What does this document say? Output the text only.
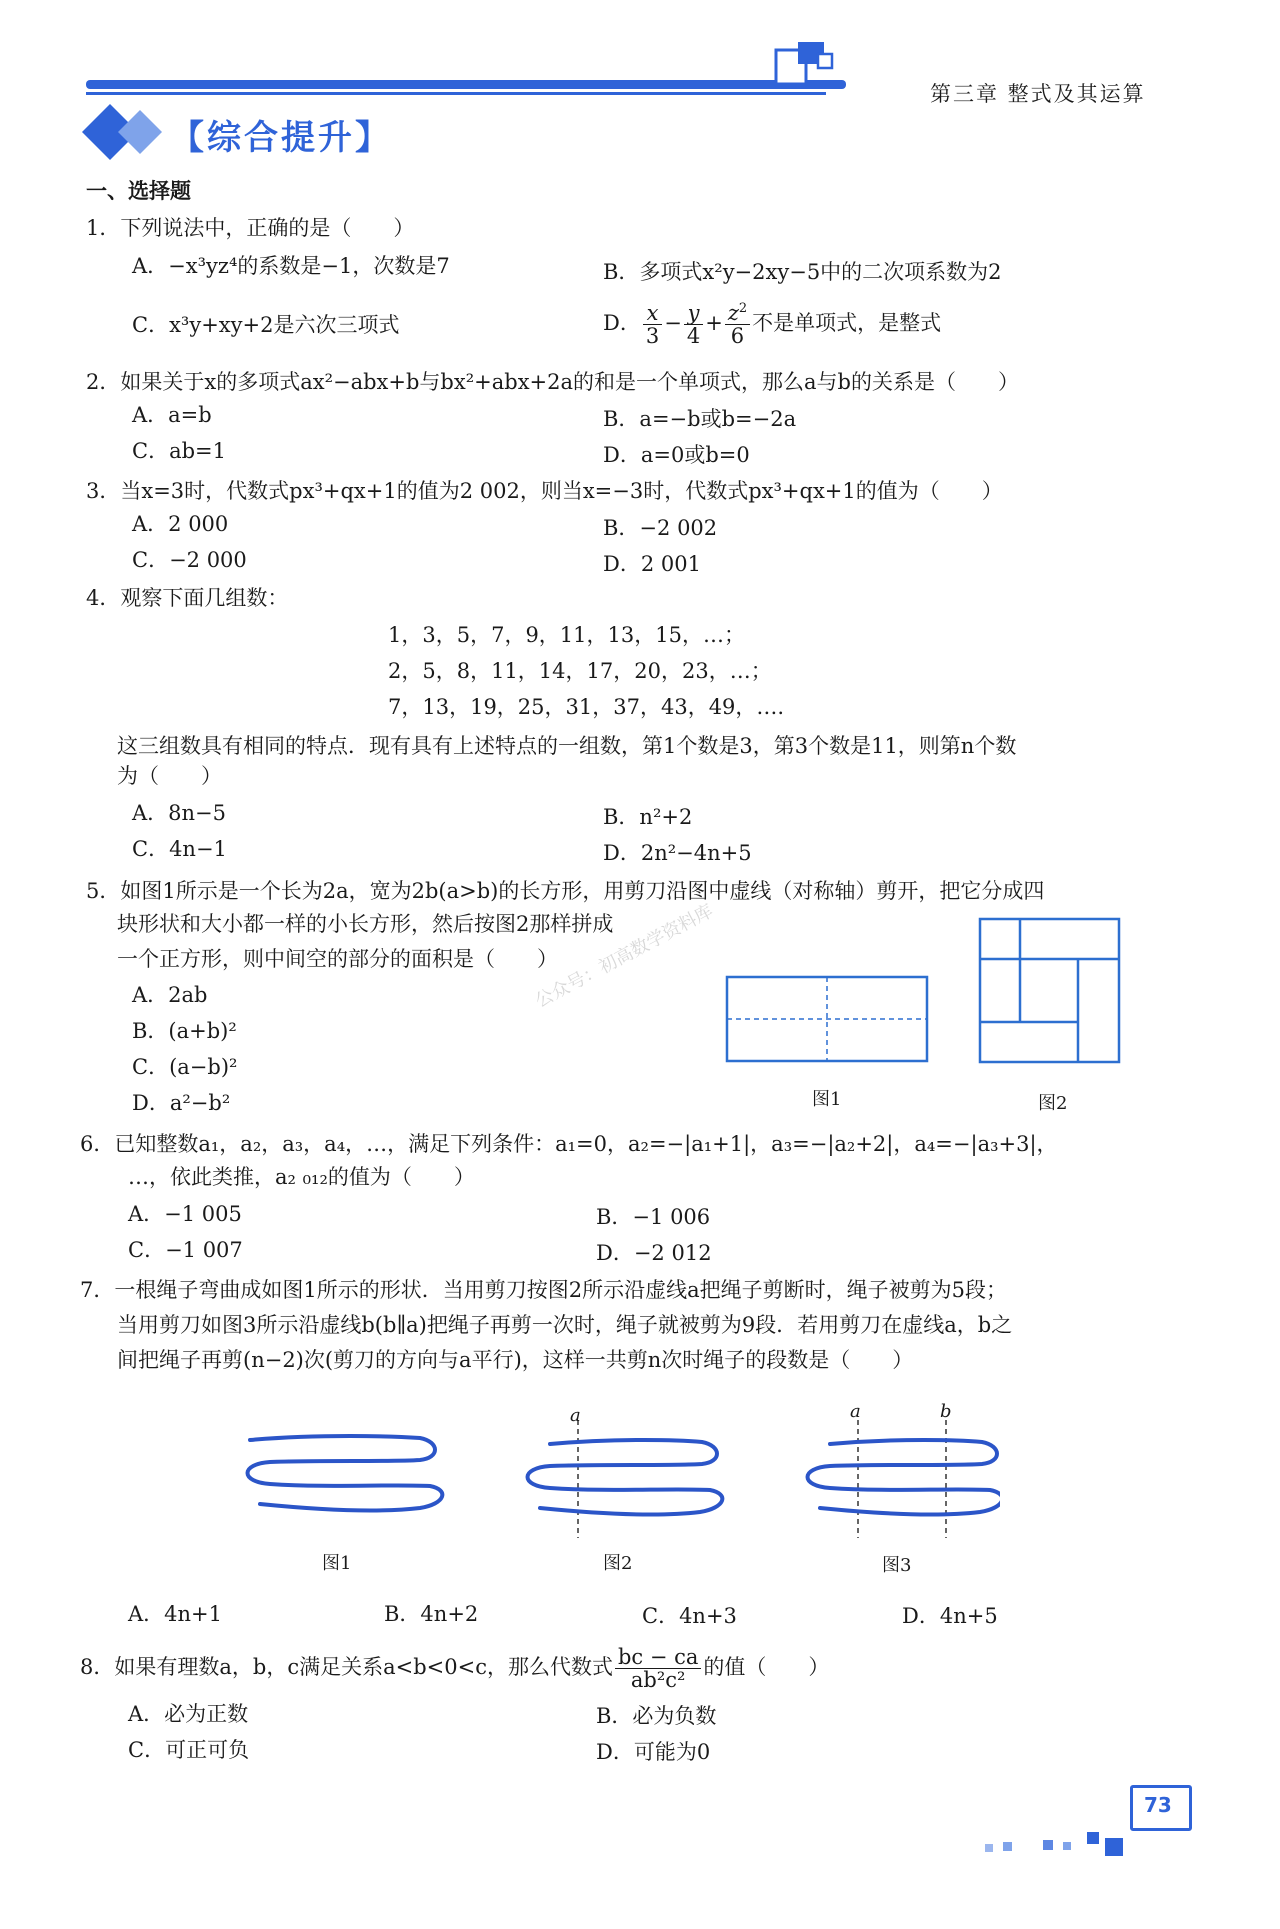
第三章 整式及其运算
【综合提升】
一、选择题
1．下列说法中，正确的是（　　）
A．−x³yz⁴的系数是−1，次数是7	B．多项式x²y−2xy−5中的二次项系数为2
C．x³y+xy+2是六次三项式	D． $\frac{x}{3} - \frac{y}{4} + \frac{z^2}{6}$ 不是单项式，是整式
2．如果关于x的多项式ax²−abx+b与bx²+abx+2a的和是一个单项式，那么a与b的关系是（　　）
A．a=b	B．a=−b或b=−2a
C．ab=1	D．a=0或b=0
3．当x=3时，代数式px³+qx+1的值为2 002，则当x=−3时，代数式px³+qx+1的值为（　　）
A．2 000	B．−2 002
C．−2 000	D．2 001
4．观察下面几组数：
1，3，5，7，9，11，13，15，…；
2，5，8，11，14，17，20，23，…；
7，13，19，25，31，37，43，49，….
这三组数具有相同的特点．现有具有上述特点的一组数，第1个数是3，第3个数是11，则第n个数
为（　　）
A．8n−5	B．n²+2
C．4n−1	D．2n²−4n+5
5．如图1所示是一个长为2a，宽为2b(a>b)的长方形，用剪刀沿图中虚线（对称轴）剪开，把它分成四
块形状和大小都一样的小长方形，然后按图2那样拼成
一个正方形，则中间空的部分的面积是（　　）
A．2ab
B．(a+b)²
C．(a−b)²
D．a²−b²	图1	图2
公众号：初高数学资料库
6．已知整数a₁，a₂，a₃，a₄，…，满足下列条件：a₁=0，a₂=−|a₁+1|，a₃=−|a₂+2|，a₄=−|a₃+3|，
…，依此类推，a₂ ₀₁₂的值为（　　）
A．−1 005	B．−1 006
C．−1 007	D．−2 012
7．一根绳子弯曲成如图1所示的形状．当用剪刀按图2所示沿虚线a把绳子剪断时，绳子被剪为5段；
当用剪刀如图3所示沿虚线b(b∥a)把绳子再剪一次时，绳子就被剪为9段．若用剪刀在虚线a，b之
间把绳子再剪(n−2)次(剪刀的方向与a平行)，这样一共剪n次时绳子的段数是（　　）
a	a	b
图1	图2	图3
A．4n+1	B．4n+2	C．4n+3	D．4n+5
8．如果有理数a，b，c满足关系a<b<0<c，那么代数式 $\frac{bc - ca}{\text{ab²c²}}$ 的值（　　）
A．必为正数	B．必为负数
C．可正可负	D．可能为0
73
